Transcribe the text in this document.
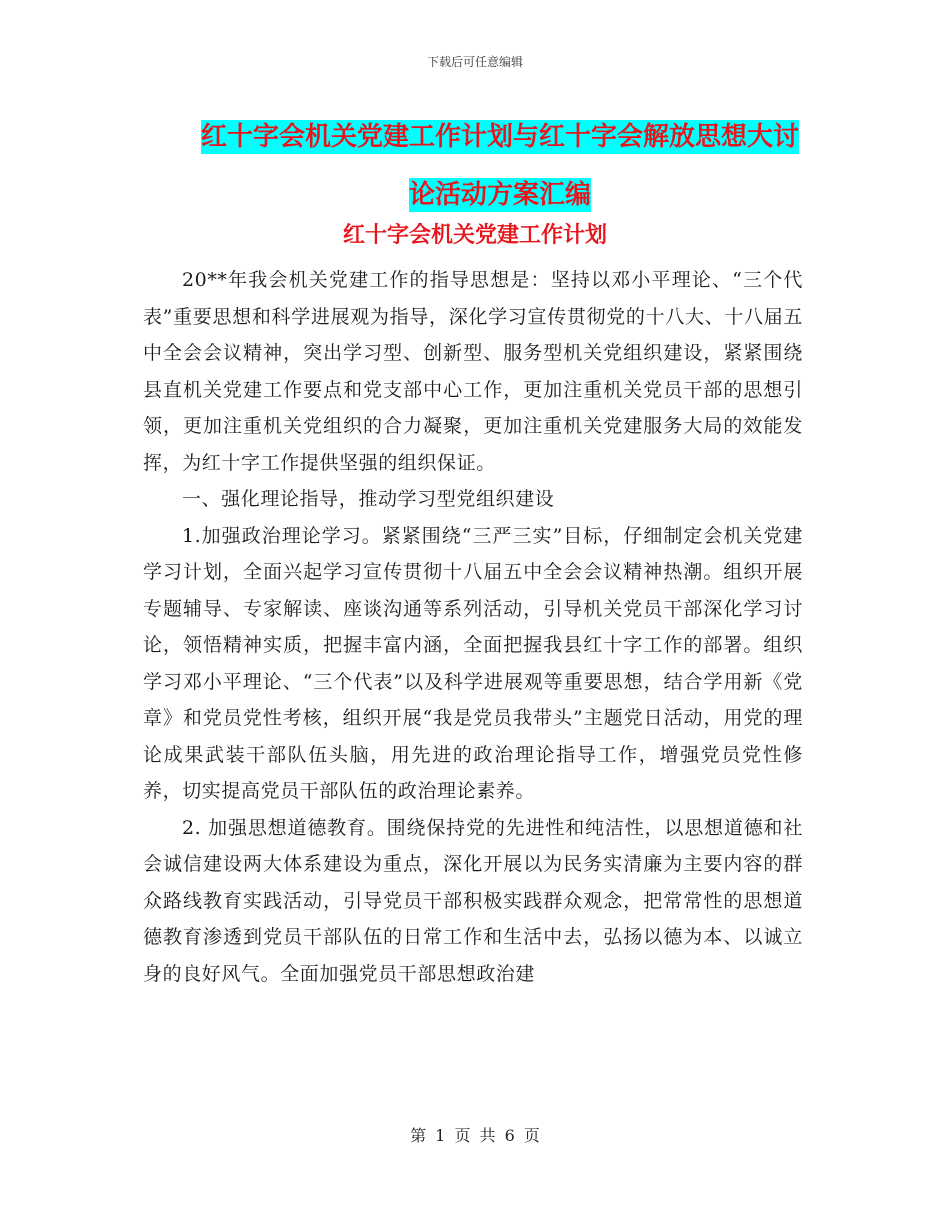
下载后可任意编辑
红十字会机关党建工作计划与红十字会解放思想大讨论活动方案汇编
红十字会机关党建工作计划

20**年我会机关党建工作的指导思想是：坚持以邓小平理论、“三个代表”重要思想和科学进展观为指导，深化学习宣传贯彻党的十八大、十八届五中全会会议精神，突出学习型、创新型、服务型机关党组织建设，紧紧围绕县直机关党建工作要点和党支部中心工作，更加注重机关党员干部的思想引领，更加注重机关党组织的合力凝聚，更加注重机关党建服务大局的效能发挥，为红十字工作提供坚强的组织保证。

一、强化理论指导，推动学习型党组织建设

1.加强政治理论学习。紧紧围绕“三严三实”目标，仔细制定会机关党建学习计划，全面兴起学习宣传贯彻十八届五中全会会议精神热潮。组织开展专题辅导、专家解读、座谈沟通等系列活动，引导机关党员干部深化学习讨论，领悟精神实质，把握丰富内涵，全面把握我县红十字工作的部署。组织学习邓小平理论、“三个代表”以及科学进展观等重要思想，结合学用新《党章》和党员党性考核，组织开展“我是党员我带头”主题党日活动，用党的理论成果武装干部队伍头脑，用先进的政治理论指导工作，增强党员党性修养，切实提高党员干部队伍的政治理论素养。

2. 加强思想道德教育。围绕保持党的先进性和纯洁性，以思想道德和社会诚信建设两大体系建设为重点，深化开展以为民务实清廉为主要内容的群众路线教育实践活动，引导党员干部积极实践群众观念，把常常性的思想道德教育渗透到党员干部队伍的日常工作和生活中去，弘扬以德为本、以诚立身的良好风气。全面加强党员干部思想政治建

第 1 页 共 6 页
